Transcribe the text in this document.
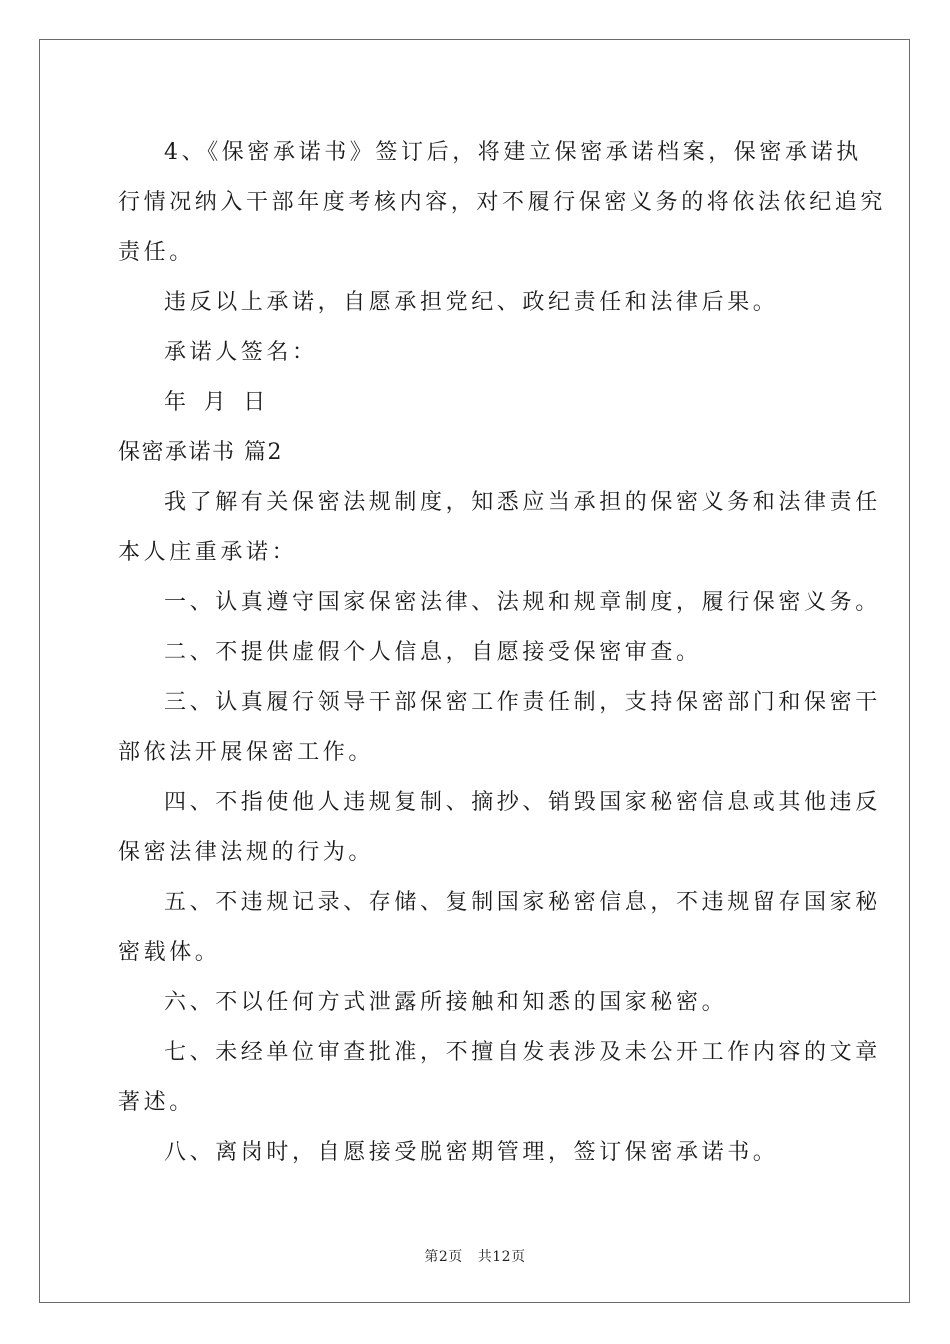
4、《保密承诺书》签订后，将建立保密承诺档案，保密承诺执
行情况纳入干部年度考核内容，对不履行保密义务的将依法依纪追究
责任。
违反以上承诺，自愿承担党纪、政纪责任和法律后果。
承诺人签名：
年 月 日
保密承诺书 篇2
我了解有关保密法规制度，知悉应当承担的保密义务和法律责任
本人庄重承诺：
一、认真遵守国家保密法律、法规和规章制度，履行保密义务。
二、不提供虚假个人信息，自愿接受保密审查。
三、认真履行领导干部保密工作责任制，支持保密部门和保密干
部依法开展保密工作。
四、不指使他人违规复制、摘抄、销毁国家秘密信息或其他违反
保密法律法规的行为。
五、不违规记录、存储、复制国家秘密信息，不违规留存国家秘
密载体。
六、不以任何方式泄露所接触和知悉的国家秘密。
七、未经单位审查批准，不擅自发表涉及未公开工作内容的文章
著述。
八、离岗时，自愿接受脱密期管理，签订保密承诺书。
第2页 共12页
